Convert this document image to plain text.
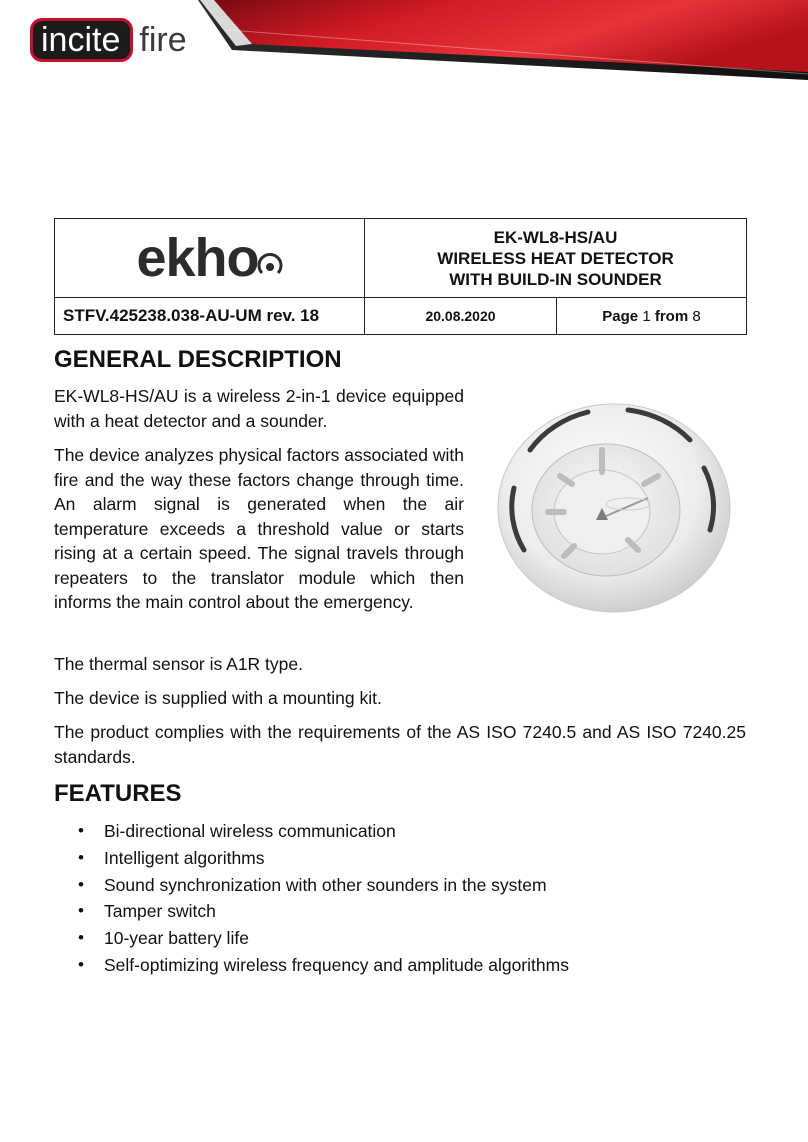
incite fire
ekho	EK-WL8-HS/AU
WIRELESS HEAT DETECTOR
WITH BUILD-IN SOUNDER	

STFV.425238.038-AU-UM rev. 18	20.08.2020	Page 1 from 8
GENERAL DESCRIPTION

EK-WL8-HS/AU is a wireless 2-in-1 device equipped with a heat detector and a sounder.

The device analyzes physical factors associated with fire and the way these factors change through time. An alarm signal is generated when the air temperature exceeds a threshold value or starts rising at a certain speed. The signal travels through repeaters to the translator module which then informs the main control about the emergency.

The thermal sensor is A1R type.

The device is supplied with a mounting kit.

The product complies with the requirements of the AS ISO 7240.5 and AS ISO 7240.25 standards.

FEATURES
• Bi-directional wireless communication
• Intelligent algorithms
• Sound synchronization with other sounders in the system
• Tamper switch
• 10-year battery life
• Self-optimizing wireless frequency and amplitude algorithms
